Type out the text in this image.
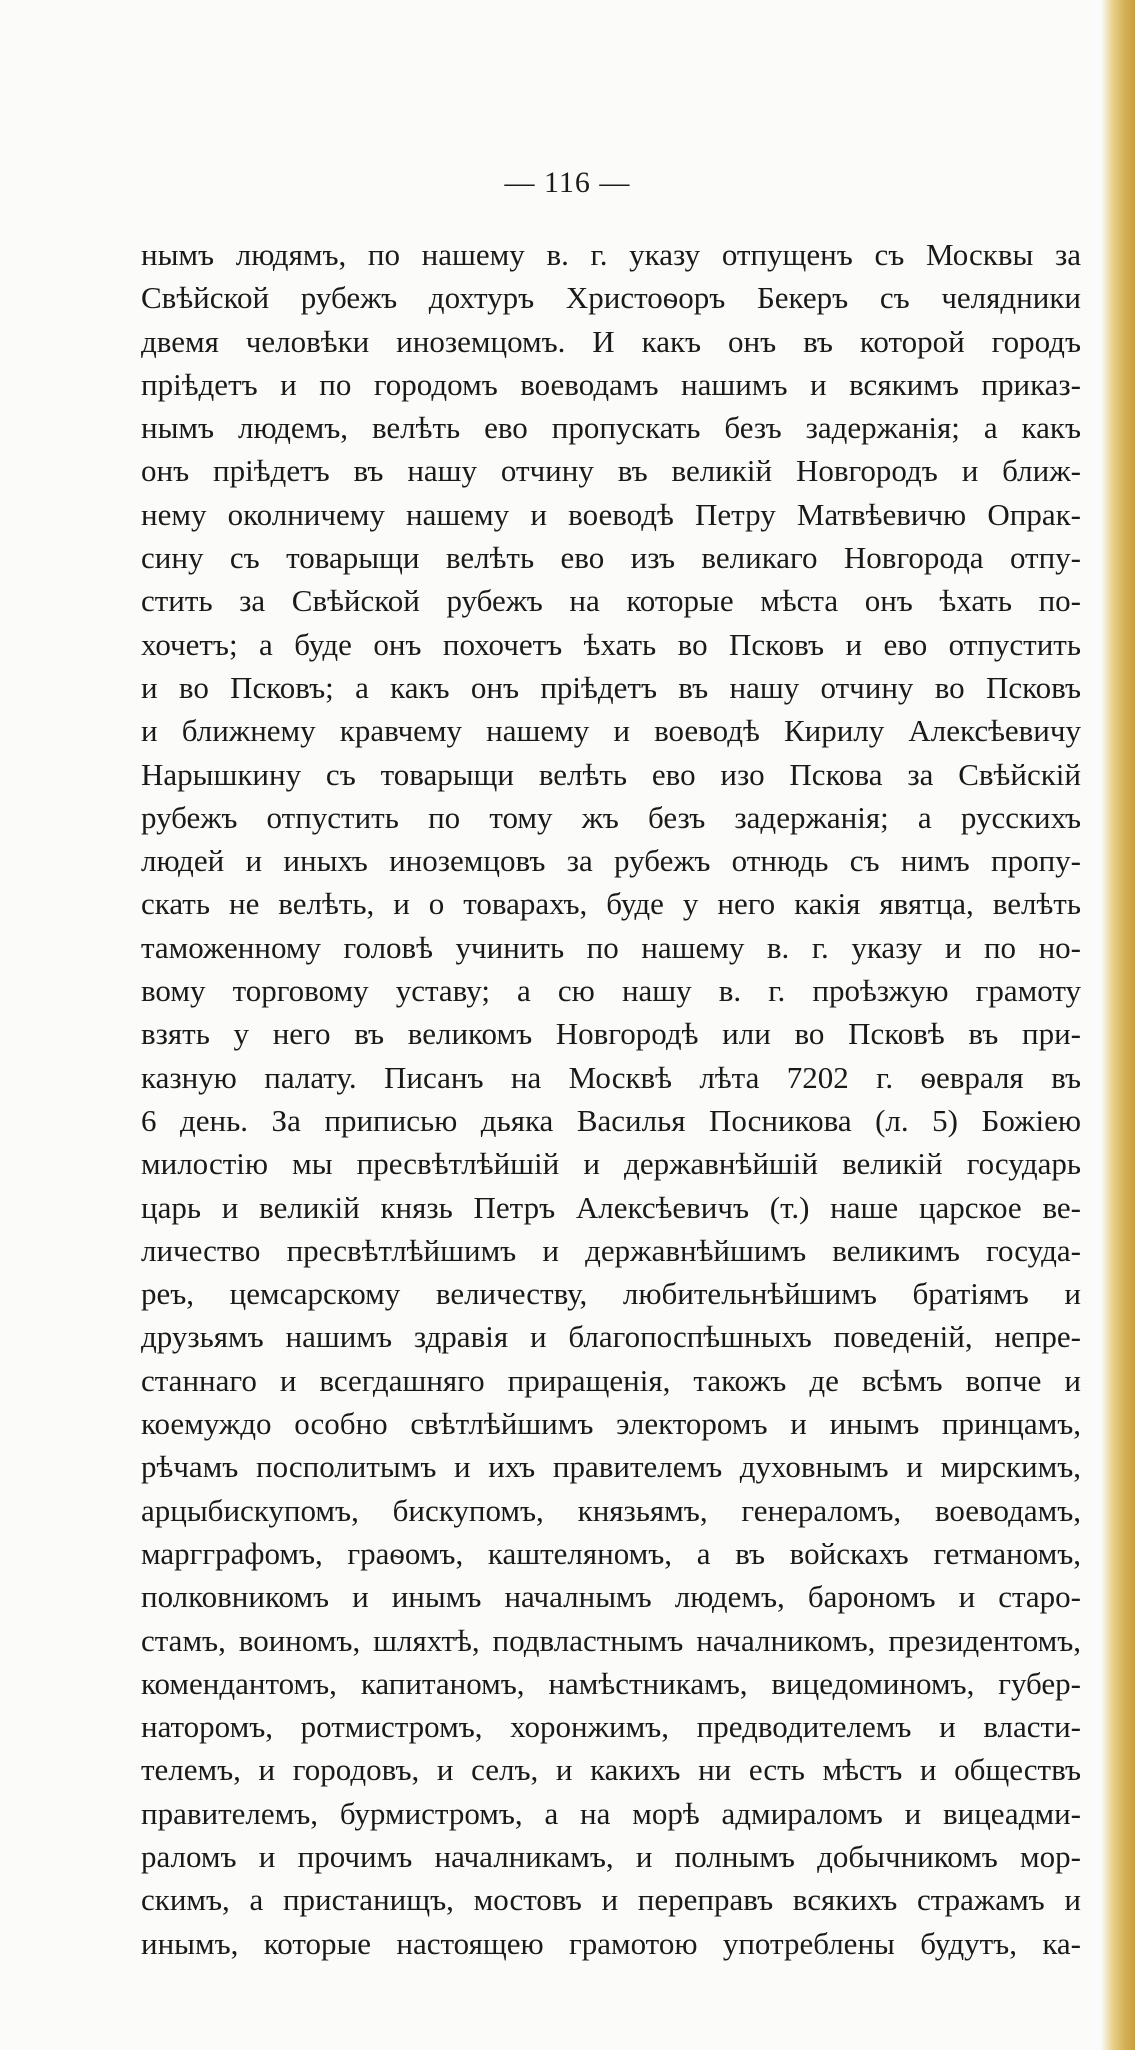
— 116 —
нымъ людямъ, по нашему в. г. указу отпущенъ съ Москвы за
Свѣйской рубежъ дохтуръ Христоѳоръ Бекеръ съ челядники
двемя человѣки иноземцомъ. И какъ онъ въ которой городъ
прiѣдетъ и по городомъ воеводамъ нашимъ и всякимъ приказ-
нымъ людемъ, велѣть ево пропускать безъ задержанiя; а какъ
онъ прiѣдетъ въ нашу отчину въ великiй Новгородъ и ближ-
нему околничему нашему и воеводѣ Петру Матвѣевичю Опрак-
сину съ товарыщи велѣть ево изъ великаго Новгорода отпу-
стить за Свѣйской рубежъ на которые мѣста онъ ѣхать по-
хочетъ; а буде онъ похочетъ ѣхать во Псковъ и ево отпустить
и во Псковъ; а какъ онъ прiѣдетъ въ нашу отчину во Псковъ
и ближнему кравчему нашему и воеводѣ Кирилу Алексѣевичу
Нарышкину съ товарыщи велѣть ево изо Пскова за Свѣйскiй
рубежъ отпустить по тому жъ безъ задержанiя; а русскихъ
людей и иныхъ иноземцовъ за рубежъ отнюдь съ нимъ пропу-
скать не велѣть, и о товарахъ, буде у него какiя явятца, велѣть
таможенному головѣ учинить по нашему в. г. указу и по но-
вому торговому уставу; а сю нашу в. г. проѣзжую грамоту
взять у него въ великомъ Новгородѣ или во Псковѣ въ при-
казную палату. Писанъ на Москвѣ лѣта 7202 г. ѳевраля въ
6 день. За приписью дьяка Василья Посникова (л. 5) Божiею
милостiю мы пресвѣтлѣйшiй и державнѣйшiй великiй государь
царь и великiй князь Петръ Алексѣевичъ (т.) наше царское ве-
личество пресвѣтлѣйшимъ и державнѣйшимъ великимъ госуда-
реъ, цемсарскому величеству, любительнѣйшимъ братiямъ и
друзьямъ нашимъ здравiя и благопоспѣшныхъ поведенiй, непре-
станнаго и всегдашняго приращенiя, такожъ де всѣмъ вопче и
коемуждо особно свѣтлѣйшимъ электоромъ и инымъ принцамъ,
рѣчамъ посполитымъ и ихъ правителемъ духовнымъ и мирскимъ,
арцыбискупомъ, бискупомъ, князьямъ, генераломъ, воеводамъ,
маргграфомъ, граѳомъ, каштеляномъ, а въ войскахъ гетманомъ,
полковникомъ и инымъ началнымъ людемъ, барономъ и старо-
стамъ, воиномъ, шляхтѣ, подвластнымъ началникомъ, президентомъ,
комендантомъ, капитаномъ, намѣстникамъ, вицедоминомъ, губер-
наторомъ, ротмистромъ, хоронжимъ, предводителемъ и власти-
телемъ, и городовъ, и селъ, и какихъ ни есть мѣстъ и обществъ
правителемъ, бурмистромъ, а на морѣ адмираломъ и вицеадми-
раломъ и прочимъ началникамъ, и полнымъ добычникомъ мор-
скимъ, а пристанищъ, мостовъ и переправъ всякихъ стражамъ и
инымъ, которые настоящею грамотою употреблены будутъ, ка-
